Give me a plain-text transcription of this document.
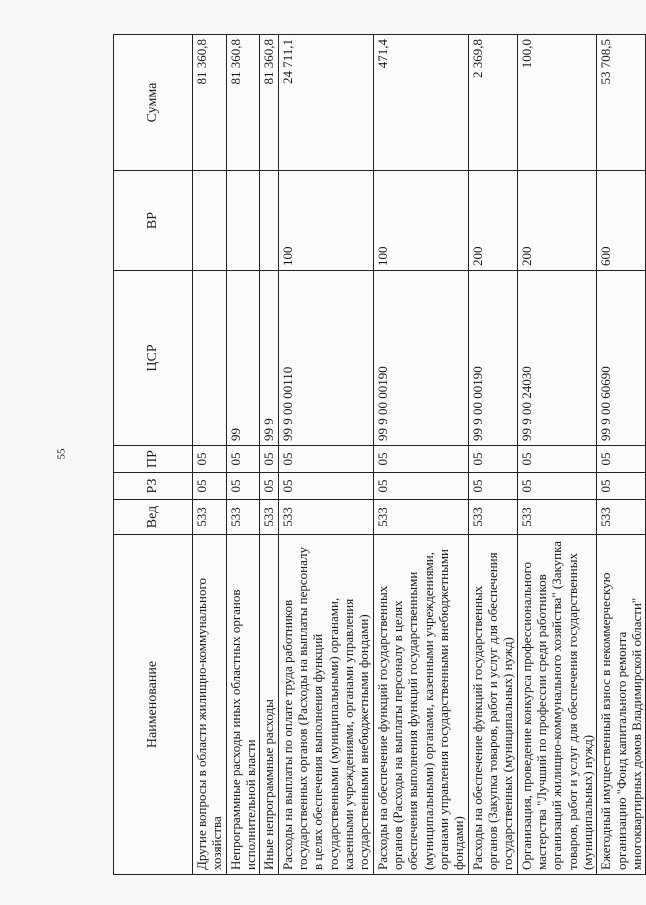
55
Наименование	Вед	РЗ	ПР	ЦСР	ВР	Сумма
Другие вопросы в области жилищно-коммунального хозяйства	533	05	05			81 360,8
Непрограммные расходы иных областных органов исполнительной власти	533	05	05	99		81 360,8
Иные непрограммные расходы	533	05	05	99 9		81 360,8
Расходы на выплаты по оплате труда работников государственных органов (Расходы на выплаты персоналу в целях обеспечения выполнения функций государственными (муниципальными) органами, казенными учреждениями, органами управления государственными внебюджетными фондами)	533	05	05	99 9 00 00110	100	24 711,1
Расходы на обеспечение функций государственных органов (Расходы на выплаты персоналу в целях обеспечения выполнения функций государственными (муниципальными) органами, казенными учреждениями, органами управления государственными внебюджетными фондами)	533	05	05	99 9 00 00190	100	471,4
Расходы на обеспечение функций государственных органов (Закупка товаров, работ и услуг для обеспечения государственных (муниципальных) нужд)	533	05	05	99 9 00 00190	200	2 369,8
Организация, проведение конкурса профессионального мастерства "Лучший по профессии среди работников организаций жилищно-коммунального хозяйства" (Закупка товаров, работ и услуг для обеспечения государственных (муниципальных) нужд)	533	05	05	99 9 00 24030	200	100,0
Ежегодный имущественный взнос в некоммерческую организацию "Фонд капитального ремонта многоквартирных домов Владимирской области"	533	05	05	99 9 00 60690	600	53 708,5
